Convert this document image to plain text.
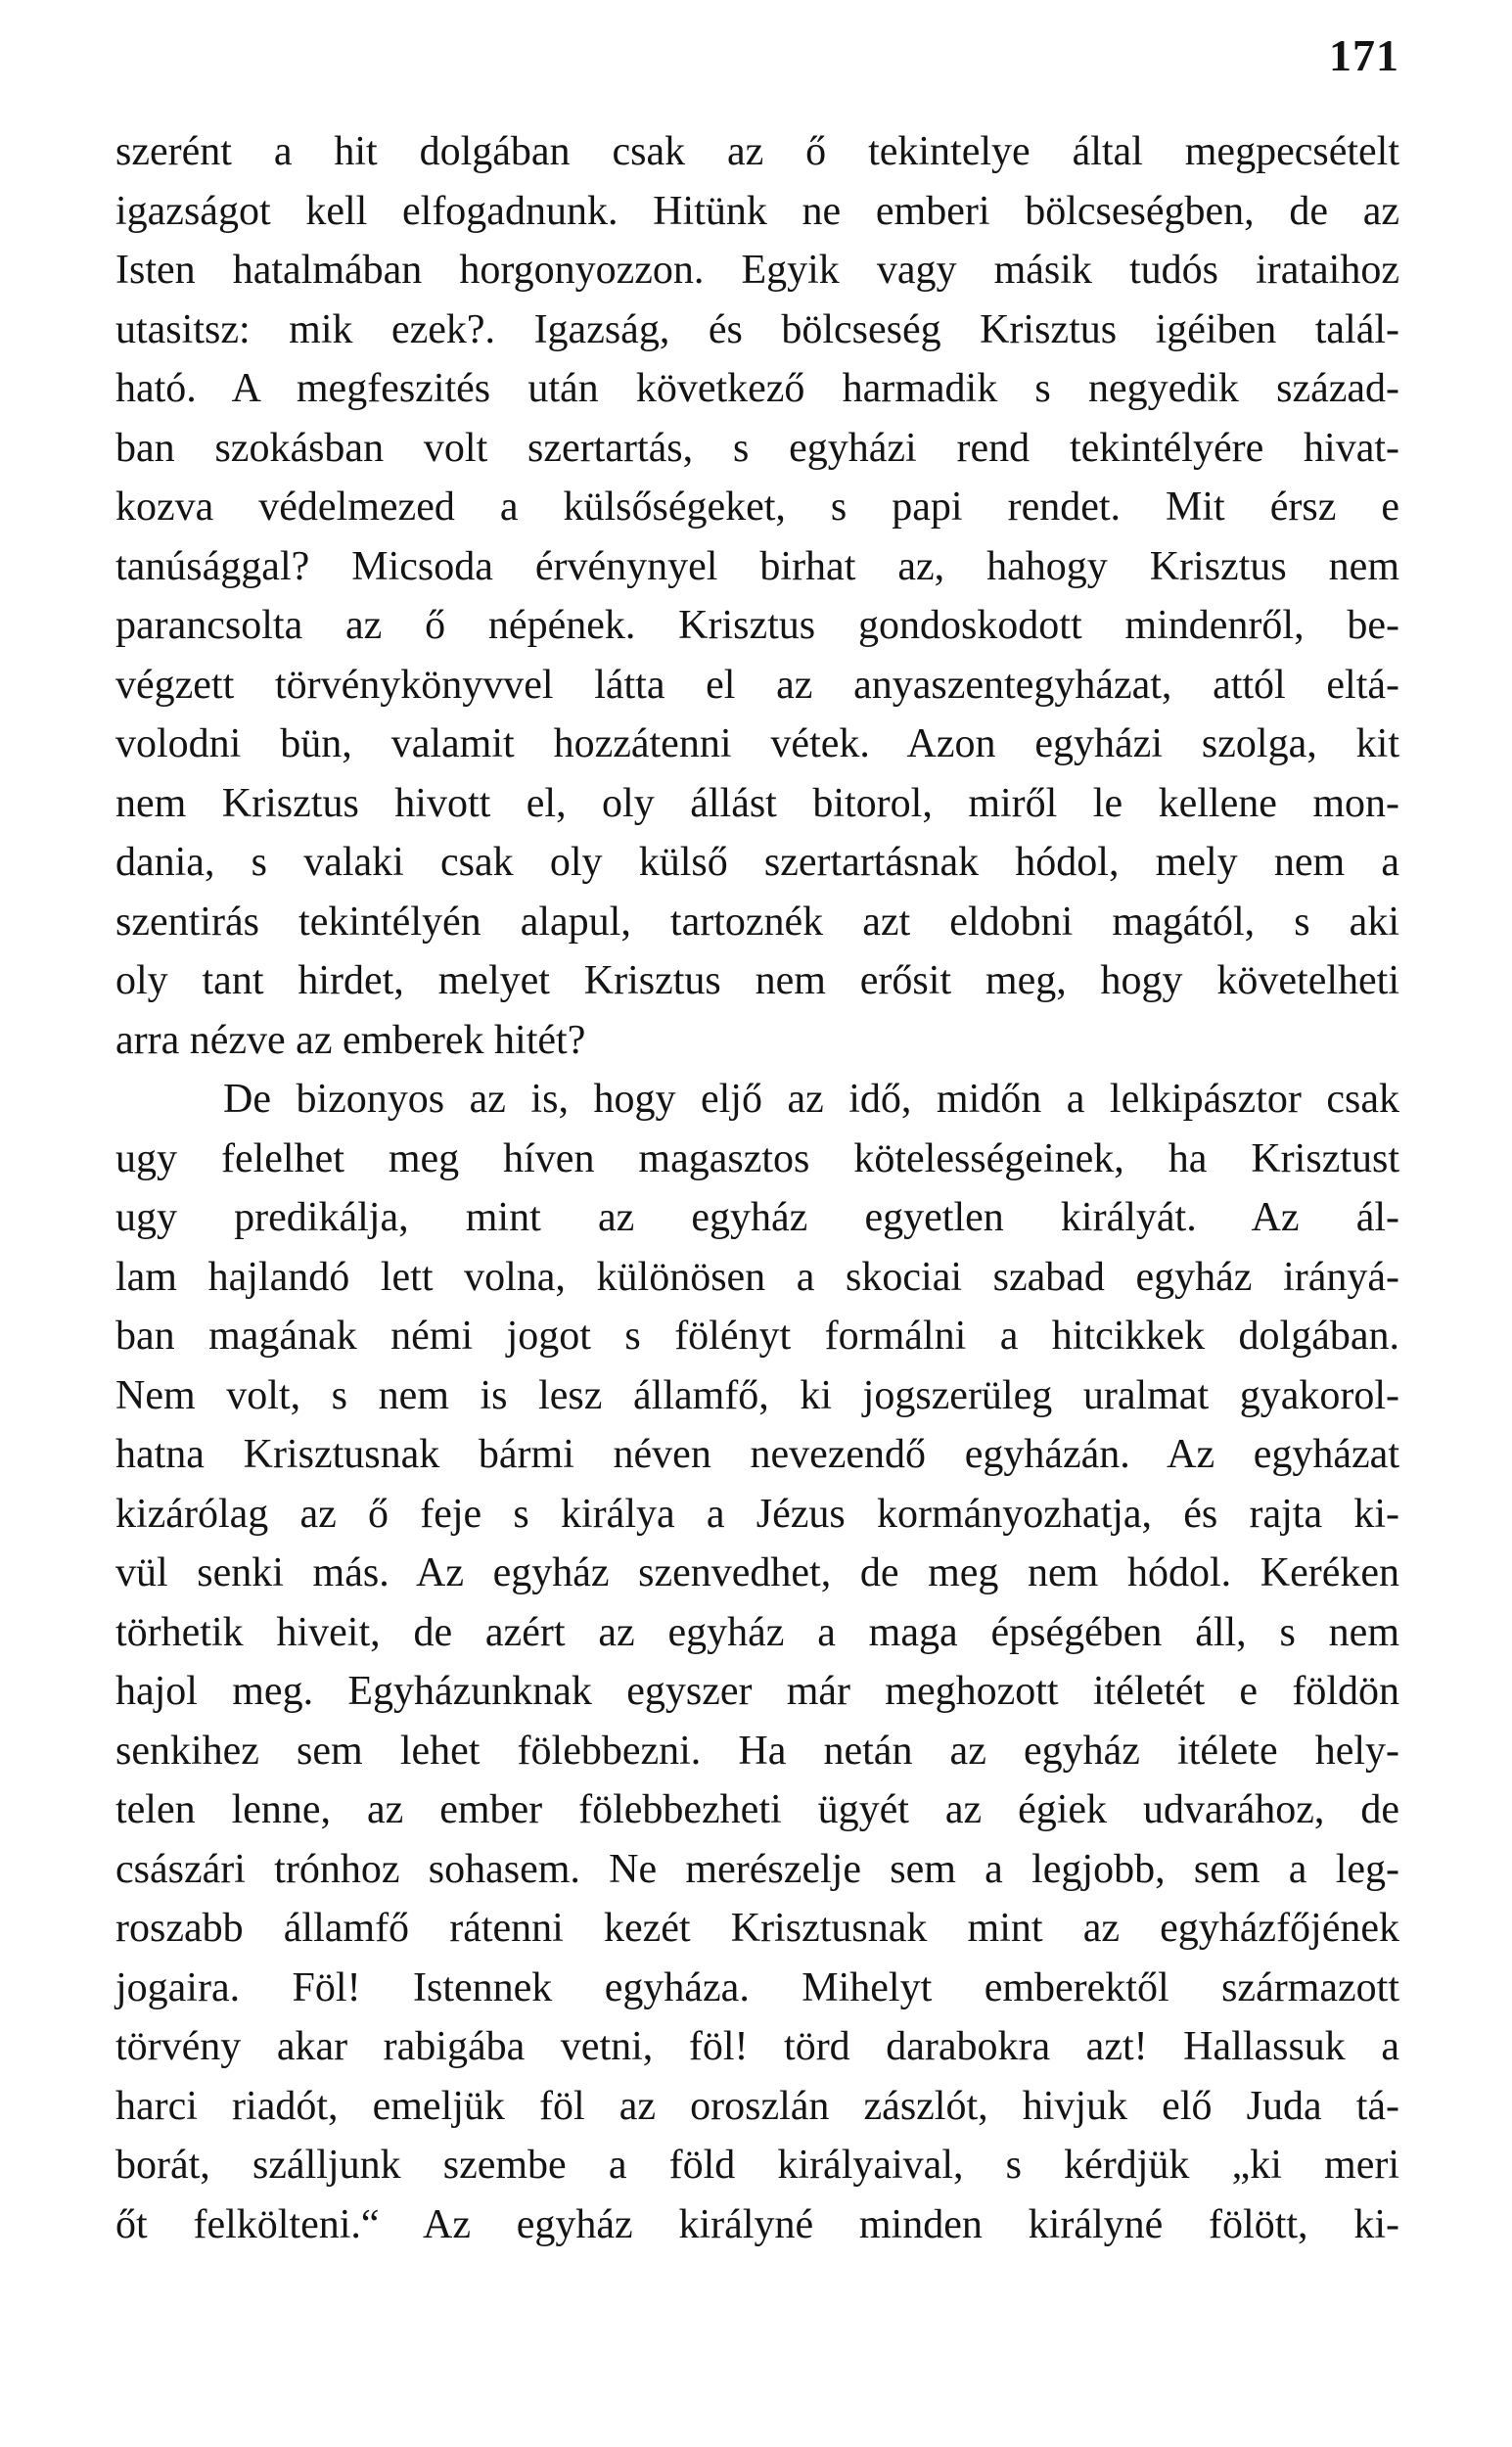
171
szerént a hit dolgában csak az ő tekintelye által megpecsételt
igazságot kell elfogadnunk. Hitünk ne emberi bölcseségben, de az
Isten hatalmában horgonyozzon. Egyik vagy másik tudós irataihoz
utasitsz: mik ezek?. Igazság, és bölcseség Krisztus igéiben talál-
ható. A megfeszités után következő harmadik s negyedik század-
ban szokásban volt szertartás, s egyházi rend tekintélyére hivat-
kozva védelmezed a külsőségeket, s papi rendet. Mit érsz e
tanúsággal? Micsoda érvénynyel birhat az, hahogy Krisztus nem
parancsolta az ő népének. Krisztus gondoskodott mindenről, be-
végzett törvénykönyvvel látta el az anyaszentegyházat, attól eltá-
volodni bün, valamit hozzátenni vétek. Azon egyházi szolga, kit
nem Krisztus hivott el, oly állást bitorol, miről le kellene mon-
dania, s valaki csak oly külső szertartásnak hódol, mely nem a
szentirás tekintélyén alapul, tartoznék azt eldobni magától, s aki
oly tant hirdet, melyet Krisztus nem erősit meg, hogy követelheti
arra nézve az emberek hitét?
De bizonyos az is, hogy eljő az idő, midőn a lelkipásztor csak
ugy felelhet meg híven magasztos kötelességeinek, ha Krisztust
ugy predikálja, mint az egyház egyetlen királyát. Az ál-
lam hajlandó lett volna, különösen a skociai szabad egyház irányá-
ban magának némi jogot s fölényt formálni a hitcikkek dolgában.
Nem volt, s nem is lesz államfő, ki jogszerüleg uralmat gyakorol-
hatna Krisztusnak bármi néven nevezendő egyházán. Az egyházat
kizárólag az ő feje s királya a Jézus kormányozhatja, és rajta ki-
vül senki más. Az egyház szenvedhet, de meg nem hódol. Keréken
törhetik hiveit, de azért az egyház a maga épségében áll, s nem
hajol meg. Egyházunknak egyszer már meghozott itéletét e földön
senkihez sem lehet fölebbezni. Ha netán az egyház itélete hely-
telen lenne, az ember fölebbezheti ügyét az égiek udvarához, de
császári trónhoz sohasem. Ne merészelje sem a legjobb, sem a leg-
roszabb államfő rátenni kezét Krisztusnak mint az egyházfőjének
jogaira. Föl! Istennek egyháza. Mihelyt emberektől származott
törvény akar rabigába vetni, föl! törd darabokra azt! Hallassuk a
harci riadót, emeljük föl az oroszlán zászlót, hivjuk elő Juda tá-
borát, szálljunk szembe a föld királyaival, s kérdjük „ki meri
őt felkölteni.“ Az egyház királyné minden királyné fölött, ki-
